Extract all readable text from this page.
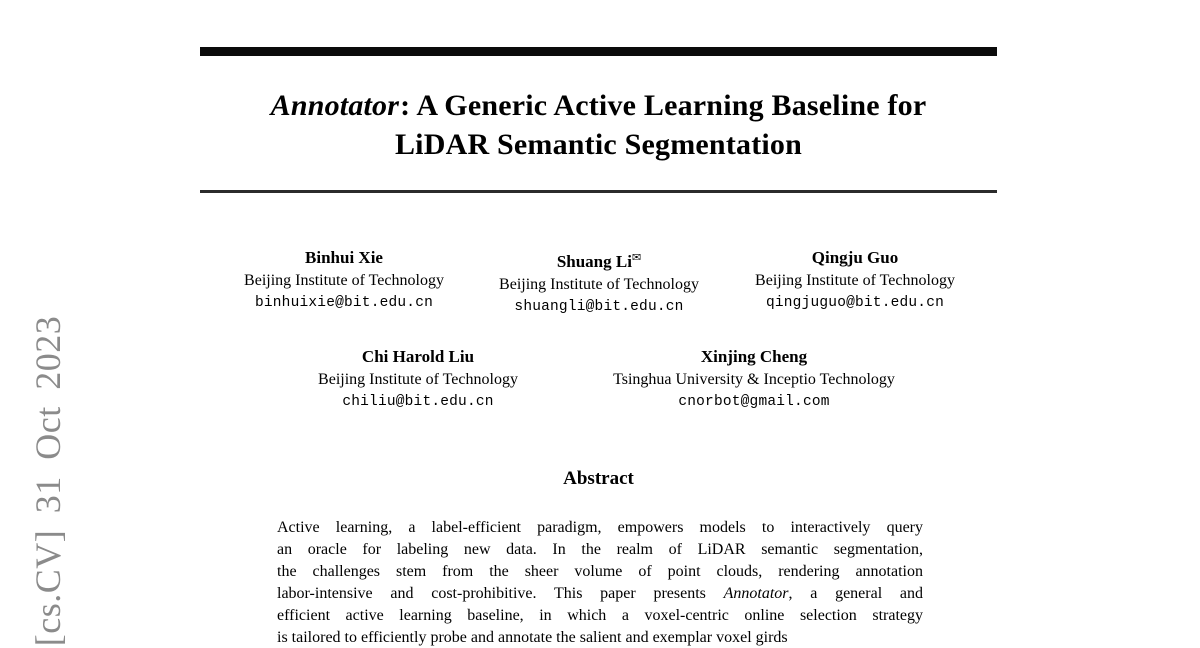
[cs.CV] 31 Oct 2023
Annotator: A Generic Active Learning Baseline for
LiDAR Semantic Segmentation
Binhui Xie
Beijing Institute of Technology
binhuixie@bit.edu.cn
Shuang Li✉
Beijing Institute of Technology
shuangli@bit.edu.cn
Qingju Guo
Beijing Institute of Technology
qingjuguo@bit.edu.cn
Chi Harold Liu
Beijing Institute of Technology
chiliu@bit.edu.cn
Xinjing Cheng
Tsinghua University & Inceptio Technology
cnorbot@gmail.com
Abstract
Active learning, a label-efficient paradigm, empowers models to interactively query
an oracle for labeling new data. In the realm of LiDAR semantic segmentation,
the challenges stem from the sheer volume of point clouds, rendering annotation
labor-intensive and cost-prohibitive. This paper presents Annotator, a general and
efficient active learning baseline, in which a voxel-centric online selection strategy
is tailored to efficiently probe and annotate the salient and exemplar voxel girds
